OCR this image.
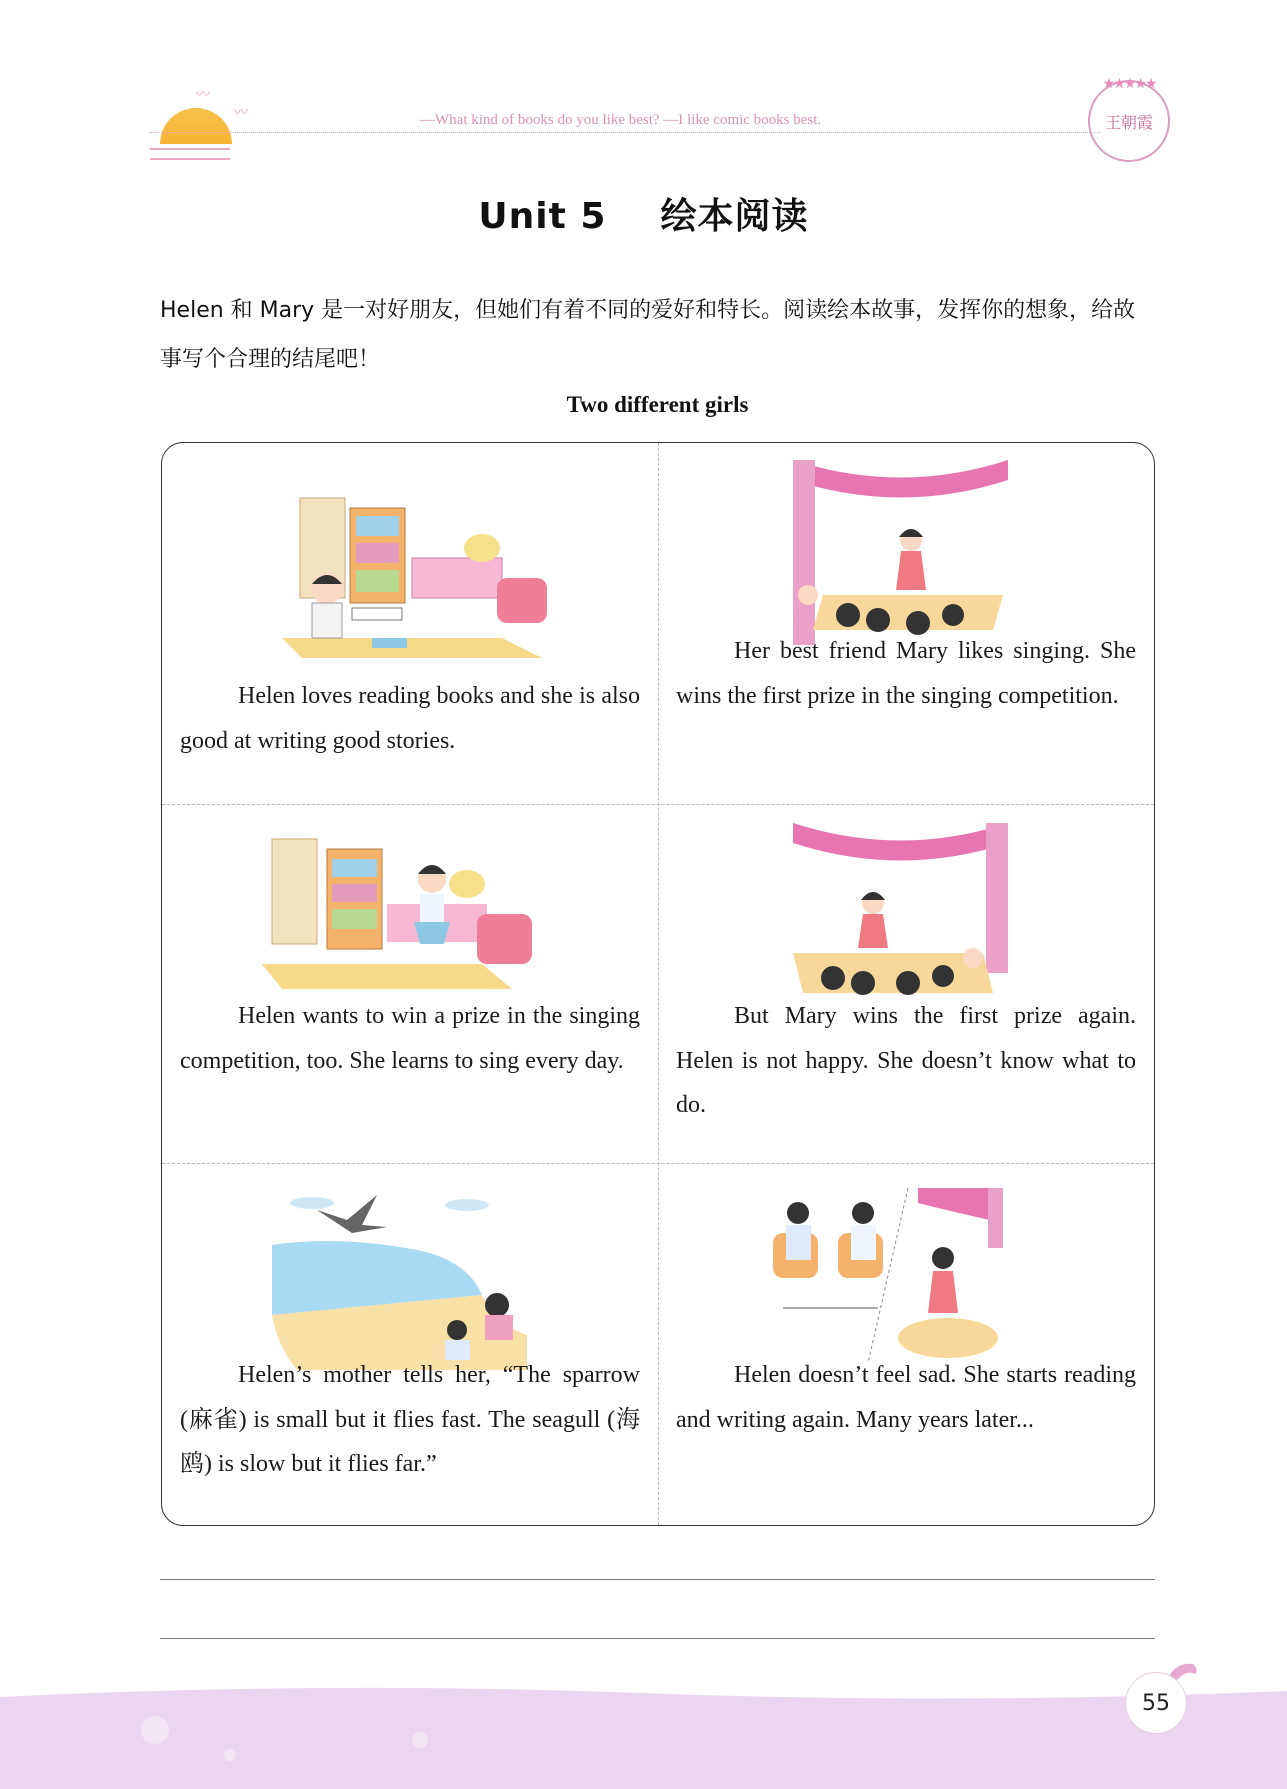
〰
〰	—What kind of books do you like best? —I like comic books best.
★★★★★
王朝霞
Unit 5    绘本阅读
Helen 和 Mary 是一对好朋友，但她们有着不同的爱好和特长。阅读绘本故事，发挥你的想象，给故事写个合理的结尾吧！
Two different girls
Helen loves reading books and she is also good at writing good stories.
Her best friend Mary likes singing. She wins the first prize in the singing competition.
Helen wants to win a prize in the singing competition, too. She learns to sing every day.
But Mary wins the first prize again. Helen is not happy. She doesn’t know what to do.
Helen’s mother tells her, “The sparrow (麻雀) is small but it flies fast. The seagull (海鸥) is slow but it flies far.”
Helen doesn’t feel sad. She starts reading and writing again. Many years later...
55
